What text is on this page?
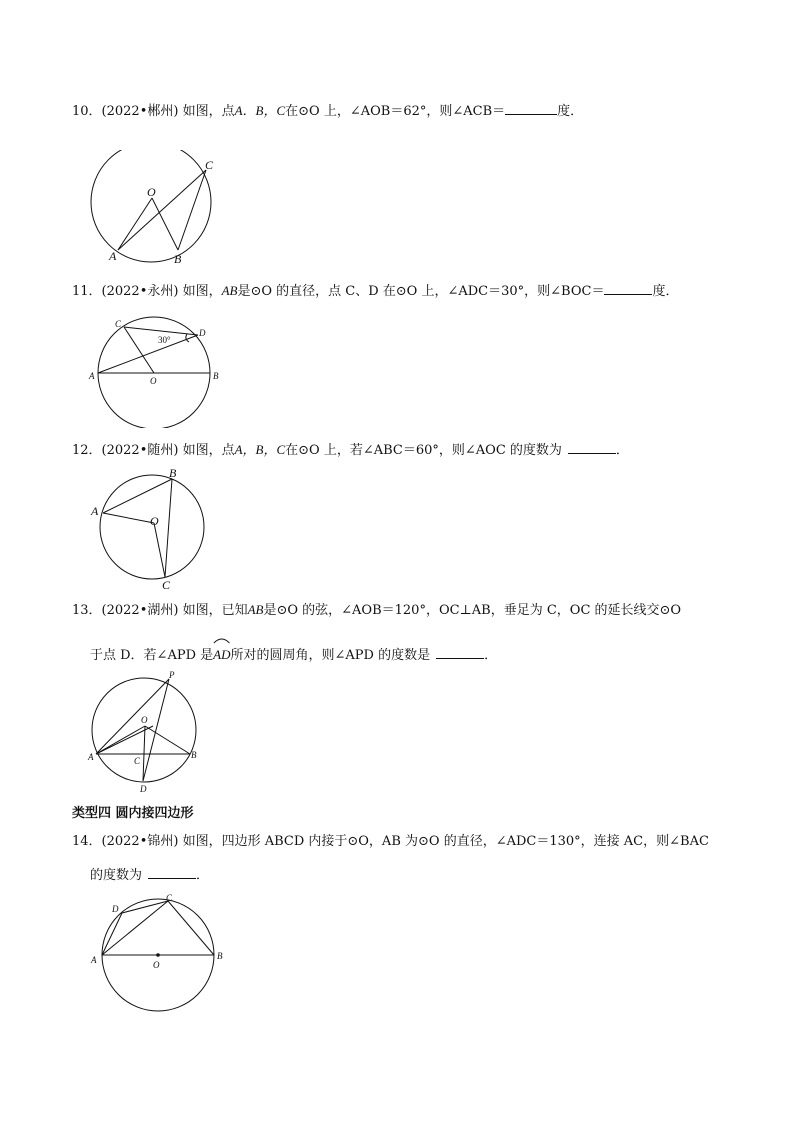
10．(2022•郴州) 如图，点A．B，C在⊙O 上，∠AOB＝62°，则∠ACB＝	度．
O
A	B
C
11．(2022•永州) 如图，AB是⊙O 的直径，点 C、D 在⊙O 上，∠ADC＝30°，则∠BOC＝	度．
30°
C
D
A	O	B
12．(2022•随州) 如图，点A，B，C在⊙O 上，若∠ABC＝60°，则∠AOC 的度数为	．
B
A
O
C
13．(2022•湖州) 如图，已知AB是⊙O 的弦，∠AOB＝120°，OC⊥AB，垂足为 C，OC 的延长线交⊙O
于点 D．若∠APD 是
AD所对的圆周角，则∠APD 的度数是	．
P
O
A	C
B
D
类型四 圆内接四边形
14．(2022•锦州) 如图，四边形 ABCD 内接于⊙O，AB 为⊙O 的直径，∠ADC＝130°，连接 AC，则∠BAC
的度数为	．
C
D
A	O
B
